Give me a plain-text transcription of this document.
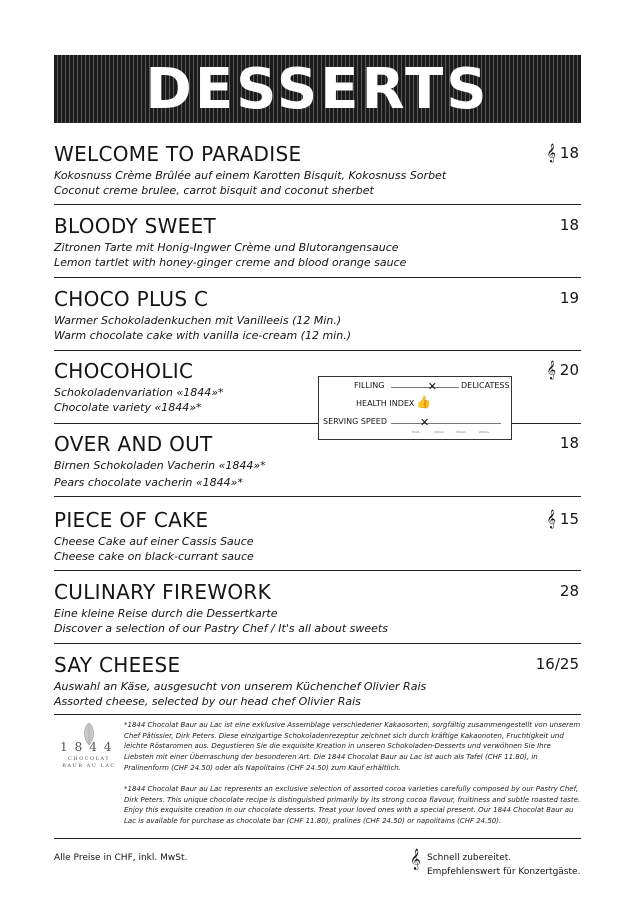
DESSERTS
WELCOME TO PARADISE	𝄞 18
Kokosnuss Crème Brûlée auf einem Karotten Bisquit, Kokosnuss Sorbet
Coconut creme brulee, carrot bisquit and coconut sherbet
BLOODY SWEET	18
Zitronen Tarte mit Honig-Ingwer Crème und Blutorangensauce
Lemon tartlet with honey-ginger creme and blood orange sauce
CHOCO PLUS C	19
Warmer Schokoladenkuchen mit Vanilleeis (12 Min.)
Warm chocolate cake with vanilla ice-cream (12 min.)
CHOCOHOLIC	𝄞 20
Schokoladenvariation «1844»*
Chocolate variety «1844»*
FILLING	✕	DELICATESS
HEALTH INDEX 👍
SERVING SPEED	✕
5min.	10min.	15min.	20min.
OVER AND OUT	18
Birnen Schokoladen Vacherin «1844»*
Pears chocolate vacherin «1844»*
PIECE OF CAKE	𝄞 15
Cheese Cake auf einer Cassis Sauce
Cheese cake on black-currant sauce
CULINARY FIREWORK	28
Eine kleine Reise durch die Dessertkarte
Discover a selection of our Pastry Chef / It's all about sweets
SAY CHEESE	16/25
Auswahl an Käse, ausgesucht von unserem Küchenchef Olivier Rais
Assorted cheese, selected by our head chef Olivier Rais
1844
CHOCOLAT
BAUR AU LAC
*1844 Chocolat Baur au Lac ist eine exklusive Assemblage verschiedener Kakaosorten, sorgfältig zusammengestellt von unserem Chef Pâtissier, Dirk Peters. Diese einzigartige Schokoladenrezeptur zeichnet sich durch kräftige Kakaonoten, Fruchtigkeit und leichte Röstaromen aus. Degustieren Sie die exquisite Kreation in unseren Schokoladen-Desserts und verwöhnen Sie Ihre Liebsten mit einer Überraschung der besonderen Art. Die 1844 Chocolat Baur au Lac ist auch als Tafel (CHF 11.80), in Pralinenform (CHF 24.50) oder als Napolitains (CHF 24.50) zum Kauf erhältlich.
*1844 Chocolat Baur au Lac represents an exclusive selection of assorted cocoa varieties carefully composed by our Pastry Chef, Dirk Peters. This unique chocolate recipe is distinguished primarily by its strong cocoa flavour, fruitiness and subtle roasted taste. Enjoy this exquisite creation in our chocolate desserts. Treat your loved ones with a special present. Our 1844 Chocolat Baur au Lac is available for purchase as chocolate bar (CHF 11.80), pralines (CHF 24.50) or napolitains (CHF 24.50).
Alle Preise in CHF, inkl. MwSt.	𝄞 Schnell zubereitet.
Empfehlenswert für Konzertgäste.
